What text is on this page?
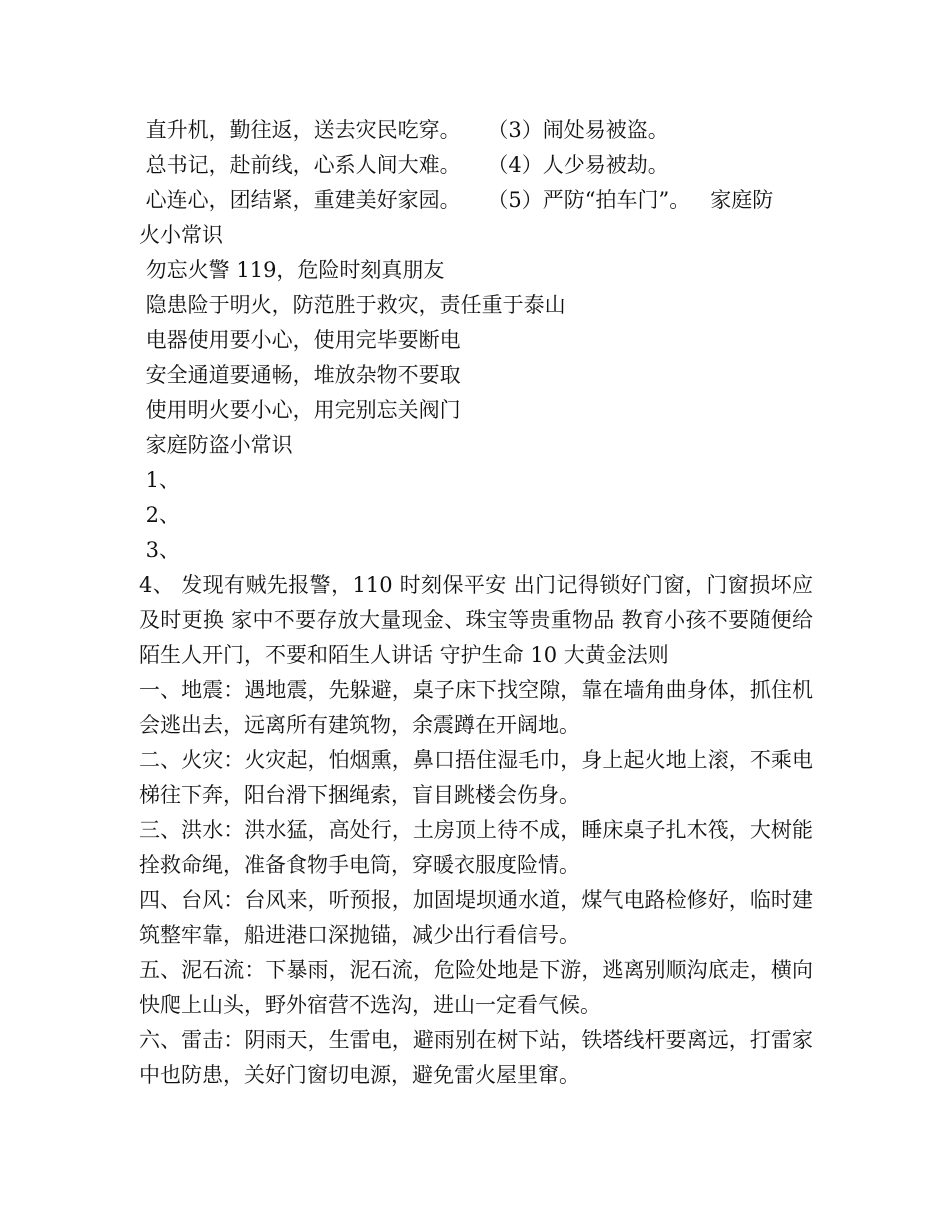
直升机，勤往返，送去灾民吃穿。    （3）闹处易被盗。
总书记，赴前线，心系人间大难。    （4）人少易被劫。
心连心，团结紧，重建美好家园。    （5）严防“拍车门”。   家庭防
火小常识
勿忘火警 119，危险时刻真朋友
隐患险于明火，防范胜于救灾，责任重于泰山
电器使用要小心，使用完毕要断电
安全通道要通畅，堆放杂物不要取
使用明火要小心，用完别忘关阀门
家庭防盗小常识
1、
2、
3、
4、 发现有贼先报警，110 时刻保平安 出门记得锁好门窗，门窗损坏应及时更换 家中不要存放大量现金、珠宝等贵重物品 教育小孩不要随便给陌生人开门，不要和陌生人讲话 守护生命 10 大黄金法则
一、地震：遇地震，先躲避，桌子床下找空隙，靠在墙角曲身体，抓住机会逃出去，远离所有建筑物，余震蹲在开阔地。
二、火灾：火灾起，怕烟熏，鼻口捂住湿毛巾，身上起火地上滚，不乘电梯往下奔，阳台滑下捆绳索，盲目跳楼会伤身。
三、洪水：洪水猛，高处行，土房顶上待不成，睡床桌子扎木筏，大树能拴救命绳，准备食物手电筒，穿暖衣服度险情。
四、台风：台风来，听预报，加固堤坝通水道，煤气电路检修好，临时建筑整牢靠，船进港口深抛锚，减少出行看信号。
五、泥石流：下暴雨，泥石流，危险处地是下游，逃离别顺沟底走，横向快爬上山头，野外宿营不选沟，进山一定看气候。
六、雷击：阴雨天，生雷电，避雨别在树下站，铁塔线杆要离远，打雷家中也防患，关好门窗切电源，避免雷火屋里窜。
